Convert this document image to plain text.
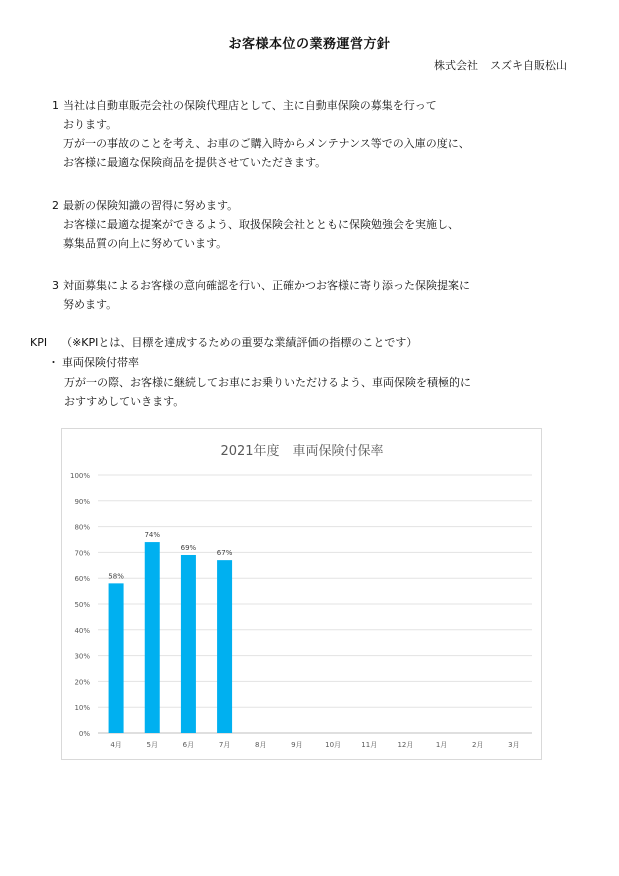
お客様本位の業務運営方針
株式会社 スズキ自販松山
1 当社は自動車販売会社の保険代理店として、主に自動車保険の募集を行って
おります。
万が一の事故のことを考え、お車のご購入時からメンテナンス等での入庫の度に、
お客様に最適な保険商品を提供させていただきます。
2 最新の保険知識の習得に努めます。
お客様に最適な提案ができるよう、取扱保険会社とともに保険勉強会を実施し、
募集品質の向上に努めています。
3 対面募集によるお客様の意向確認を行い、正確かつお客様に寄り添った保険提案に
努めます。
KPI （※KPIとは、目標を達成するための重要な業績評価の指標のことです）
・ 車両保険付帯率
万が一の際、お客様に継続してお車にお乗りいただけるよう、車両保険を積極的に
おすすめしていきます。
2021年度　車両保険付保率
0%
10%
20%
30%
40%
50%
60%
70%
80%
90%
100%
4月
58%
5月
74%
6月
69%
7月
67%
8月	9月	10月	11月	12月	1月	2月	3月
